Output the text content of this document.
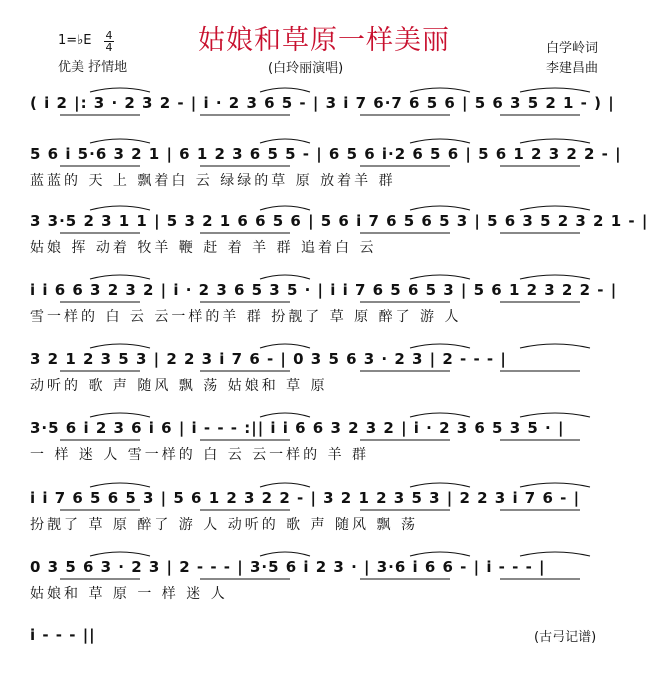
姑娘和草原一样美丽
1=♭E 4
4
优美 抒情地	(白玲丽演唱)
白学岭词
李建昌曲
( i 2 |: 3 · 2 3 2 - | i · 2 3 6 5 - | 3 i 7 6·7 6 5 6 | 5 6 3 5 2 1 - ) |
5 6 i 5·6 3 2 1 | 6 1 2 3 6 5 5 - | 6 5 6 i·2 6 5 6 | 5 6 1 2 3 2 2 - |
蓝蓝的 天 上 飘着白 云 绿绿的草 原 放着羊 群
3 3·5 2 3 1 1 | 5 3 2 1 6 6 5 6 | 5 6 i 7 6 5 6 5 3 | 5 6 3 5 2 3 2 1 - |
姑娘 挥 动着 牧羊 鞭 赶 着 羊 群 追着白 云
i i 6 6 3 2 3 2 | i · 2 3 6 5 3 5 · | i i 7 6 5 6 5 3 | 5 6 1 2 3 2 2 - |
雪一样的 白 云 云一样的羊 群 扮靓了 草 原 醉了 游 人
3 2 1 2 3 5 3 | 2 2 3 i 7 6 - | 0 3 5 6 3 · 2 3 | 2 - - - |
动听的 歌 声 随风 飘 荡 姑娘和 草 原
3·5 6 i 2 3 6 i 6 | i - - - :|| i i 6 6 3 2 3 2 | i · 2 3 6 5 3 5 · |
一 样 迷 人 雪一样的 白 云 云一样的 羊 群
i i 7 6 5 6 5 3 | 5 6 1 2 3 2 2 - | 3 2 1 2 3 5 3 | 2 2 3 i 7 6 - |
扮靓了 草 原 醉了 游 人 动听的 歌 声 随风 飘 荡
0 3 5 6 3 · 2 3 | 2 - - - | 3·5 6 i 2 3 · | 3·6 i 6 6 - | i - - - |
姑娘和 草 原 一 样 迷 人
i - - - ||	(古弓记谱)
